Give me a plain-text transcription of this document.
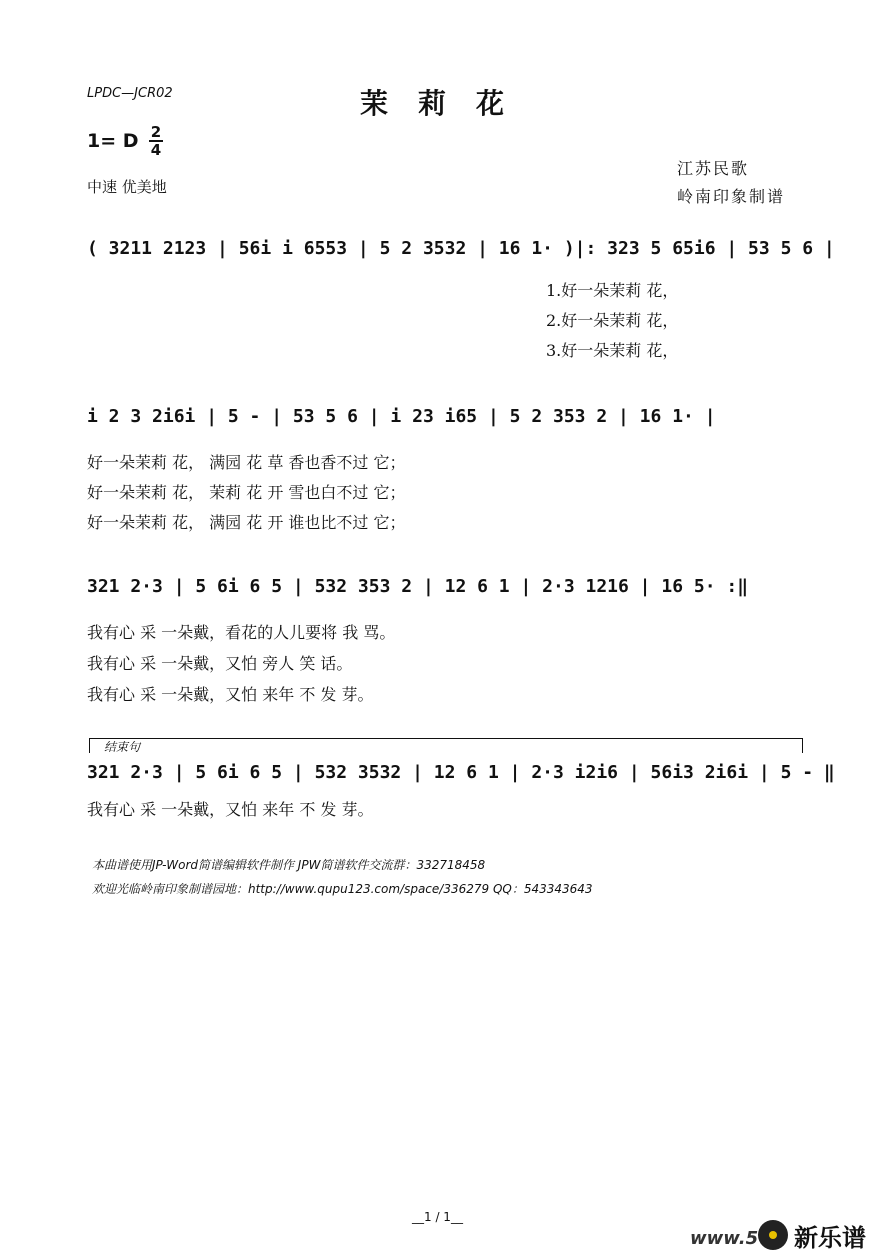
LPDC—JCR02	茉莉花
1= D 2
4
中速 优美地
江苏民歌
岭南印象制谱
( 3211 2123 | 56i i 6553 | 5 2 3532 | 16 1· )|: 323 5 65i6 | 53 5 6 |
1.好一朵茉莉 花，
2.好一朵茉莉 花，
3.好一朵茉莉 花，
i 2 3 2i6i | 5 - | 53 5 6 | i 23 i65 | 5 2 353 2 | 16 1· |
好一朵茉莉 花， 满园 花 草 香也香不过 它；
好一朵茉莉 花， 茉莉 花 开 雪也白不过 它；
好一朵茉莉 花， 满园 花 开 谁也比不过 它；
321 2·3 | 5 6i 6 5 | 532 353 2 | 12 6 1 | 2·3 1216 | 16 5· :‖
我有心 采 一朵戴，看花的人儿要将 我 骂。
我有心 采 一朵戴，又怕 旁人 笑 话。
我有心 采 一朵戴，又怕 来年 不 发 芽。
结束句
321 2·3 | 5 6i 6 5 | 532 3532 | 12 6 1 | 2·3 i2i6 | 56i3 2i6i | 5 - ‖
我有心 采 一朵戴，又怕 来年 不 发 芽。
本曲谱使用JP-Word简谱编辑软件制作 JPW简谱软件交流群：332718458
欢迎光临岭南印象制谱园地：http://www.qupu123.com/space/336279 QQ：543343643
__1 / 1__
www.5 新乐谱
